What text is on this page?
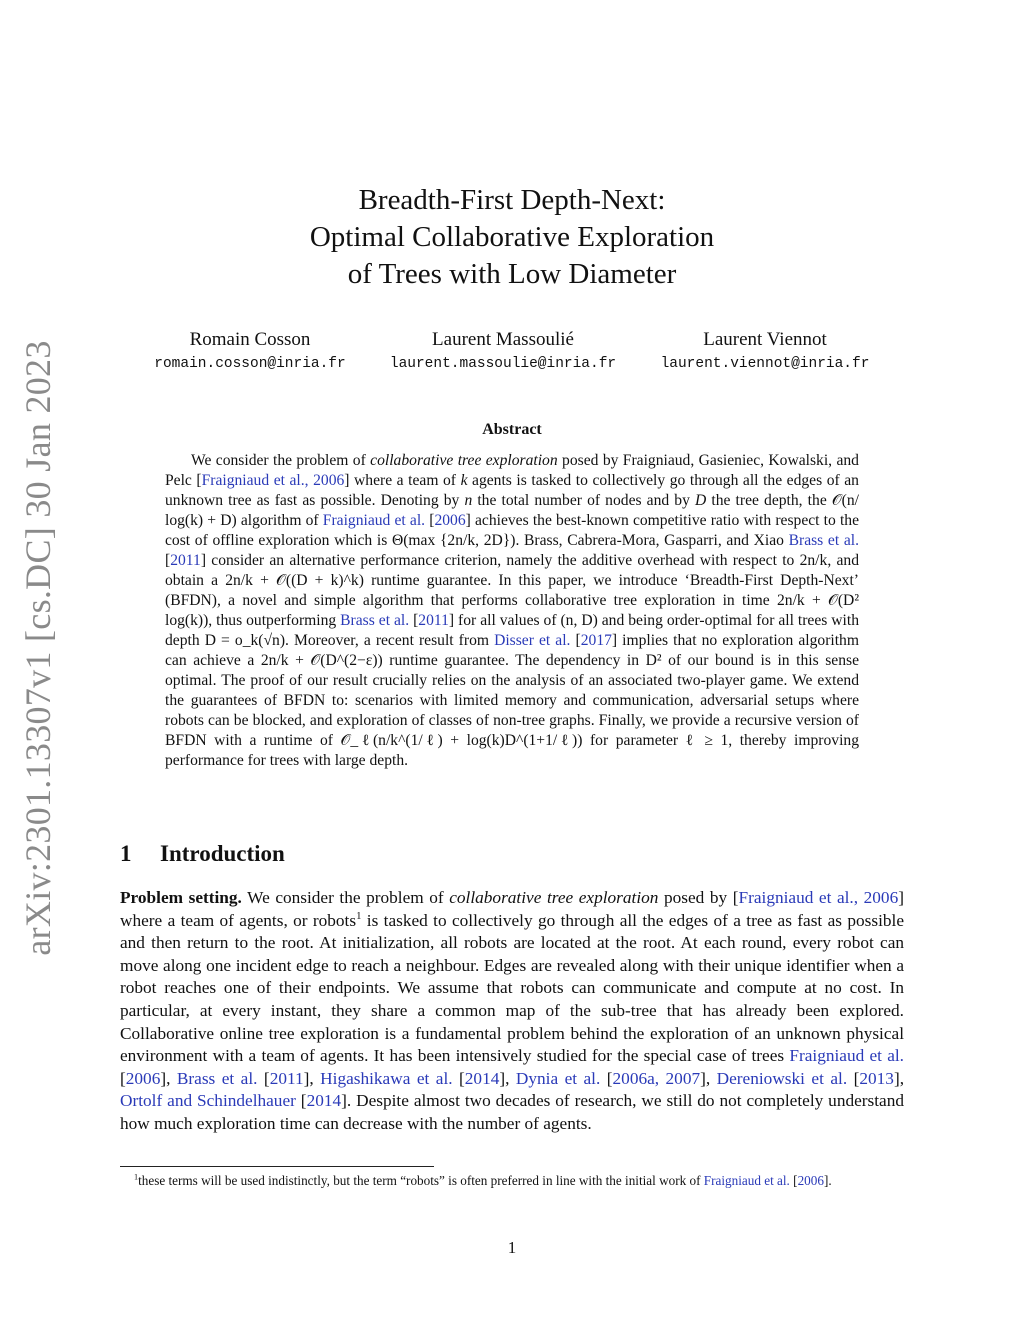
arXiv:2301.13307v1 [cs.DC] 30 Jan 2023
Breadth-First Depth-Next:
Optimal Collaborative Exploration
of Trees with Low Diameter
Romain Cosson
romain.cosson@inria.fr
Laurent Massoulié
laurent.massoulie@inria.fr
Laurent Viennot
laurent.viennot@inria.fr
Abstract

We consider the problem of collaborative tree exploration posed by Fraigniaud, Gasieniec, Kowalski, and Pelc [Fraigniaud et al., 2006] where a team of k agents is tasked to collectively go through all the edges of an unknown tree as fast as possible. Denoting by n the total number of nodes and by D the tree depth, the 𝒪(n/ log(k) + D) algorithm of Fraigniaud et al. [2006] achieves the best-known competitive ratio with respect to the cost of offline exploration which is Θ(max {2n/k, 2D}). Brass, Cabrera-Mora, Gasparri, and Xiao Brass et al. [2011] consider an alternative performance criterion, namely the additive overhead with respect to 2n/k, and obtain a 2n/k + 𝒪((D + k)^k) runtime guarantee. In this paper, we introduce ‘Breadth-First Depth-Next’ (BFDN), a novel and simple algorithm that performs collaborative tree exploration in time 2n/k + 𝒪(D² log(k)), thus outperforming Brass et al. [2011] for all values of (n, D) and being order-optimal for all trees with depth D = o_k(√n). Moreover, a recent result from Disser et al. [2017] implies that no exploration algorithm can achieve a 2n/k + 𝒪(D^(2−ε)) runtime guarantee. The dependency in D² of our bound is in this sense optimal. The proof of our result crucially relies on the analysis of an associated two-player game. We extend the guarantees of BFDN to: scenarios with limited memory and communication, adversarial setups where robots can be blocked, and exploration of classes of non-tree graphs. Finally, we provide a recursive version of BFDN with a runtime of 𝒪_ℓ(n/k^(1/ℓ) + log(k)D^(1+1/ℓ)) for parameter ℓ ≥ 1, thereby improving performance for trees with large depth.

1 Introduction

Problem setting. We consider the problem of collaborative tree exploration posed by [Fraigniaud et al., 2006] where a team of agents, or robots$^1$ is tasked to collectively go through all the edges of a tree as fast as possible and then return to the root. At initialization, all robots are located at the root. At each round, every robot can move along one incident edge to reach a neighbour. Edges are revealed along with their unique identifier when a robot reaches one of their endpoints. We assume that robots can communicate and compute at no cost. In particular, at every instant, they share a common map of the sub-tree that has already been explored. Collaborative online tree exploration is a fundamental problem behind the exploration of an unknown physical environment with a team of agents. It has been intensively studied for the special case of trees Fraigniaud et al. [2006], Brass et al. [2011], Higashikawa et al. [2014], Dynia et al. [2006a, 2007], Dereniowski et al. [2013], Ortolf and Schindelhauer [2014]. Despite almost two decades of research, we still do not completely understand how much exploration time can decrease with the number of agents.

$^1$these terms will be used indistinctly, but the term “robots” is often preferred in line with the initial work of Fraigniaud et al. [2006].

1
